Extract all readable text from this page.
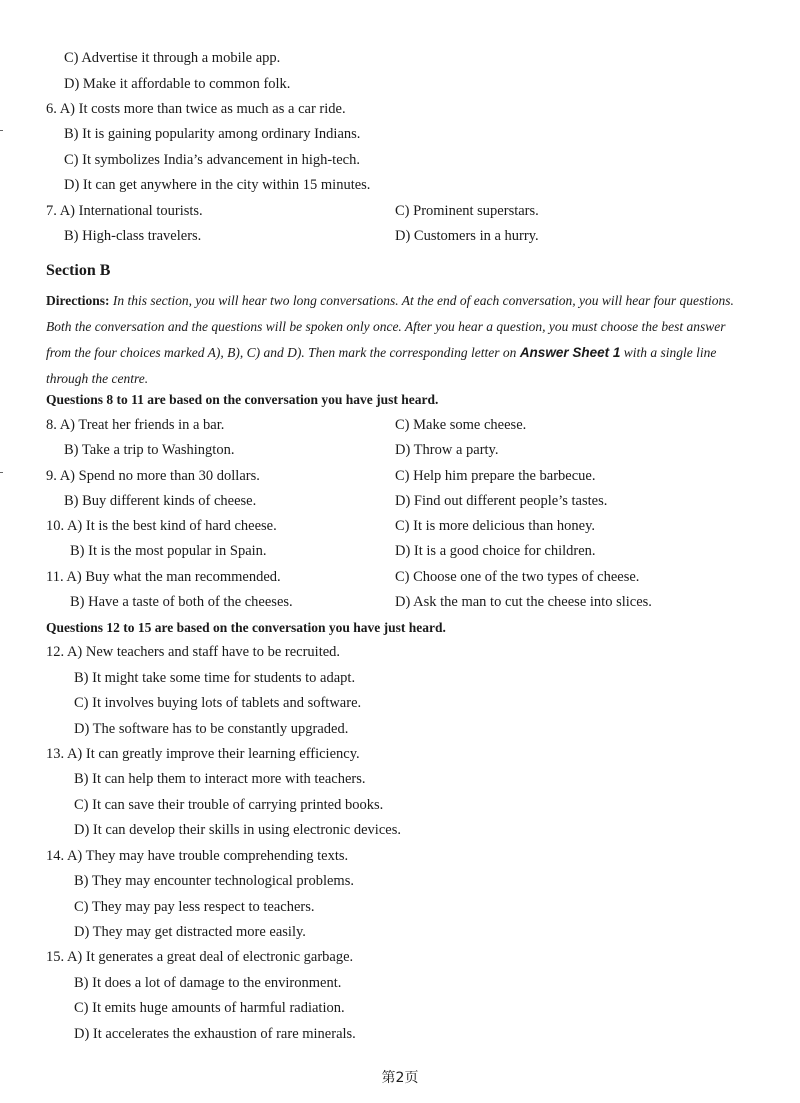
C) Advertise it through a mobile app.
D) Make it affordable to common folk.
6. A) It costs more than twice as much as a car ride.
B) It is gaining popularity among ordinary Indians.
C) It symbolizes India’s advancement in high-tech.
D) It can get anywhere in the city within 15 minutes.
7. A) International tourists.	C) Prominent superstars.
B) High-class travelers.	D) Customers in a hurry.
Section B
Directions: In this section, you will hear two long conversations. At the end of each conversation, you will hear four questions. Both the conversation and the questions will be spoken only once. After you hear a question, you must choose the best answer from the four choices marked A), B), C) and D). Then mark the corresponding letter on Answer Sheet 1 with a single line through the centre.
Questions 8 to 11 are based on the conversation you have just heard.
8. A) Treat her friends in a bar.	C) Make some cheese.
B) Take a trip to Washington.	D) Throw a party.
9. A) Spend no more than 30 dollars.	C) Help him prepare the barbecue.
B) Buy different kinds of cheese.	D) Find out different people’s tastes.
10. A) It is the best kind of hard cheese.	C) It is more delicious than honey.
B) It is the most popular in Spain.	D) It is a good choice for children.
11. A) Buy what the man recommended.	C) Choose one of the two types of cheese.
B) Have a taste of both of the cheeses.	D) Ask the man to cut the cheese into slices.
Questions 12 to 15 are based on the conversation you have just heard.
12. A) New teachers and staff have to be recruited.
B) It might take some time for students to adapt.
C) It involves buying lots of tablets and software.
D) The software has to be constantly upgraded.
13. A) It can greatly improve their learning efficiency.
B) It can help them to interact more with teachers.
C) It can save their trouble of carrying printed books.
D) It can develop their skills in using electronic devices.
14. A) They may have trouble comprehending texts.
B) They may encounter technological problems.
C) They may pay less respect to teachers.
D) They may get distracted more easily.
15. A) It generates a great deal of electronic garbage.
B) It does a lot of damage to the environment.
C) It emits huge amounts of harmful radiation.
D) It accelerates the exhaustion of rare minerals.
第2页
